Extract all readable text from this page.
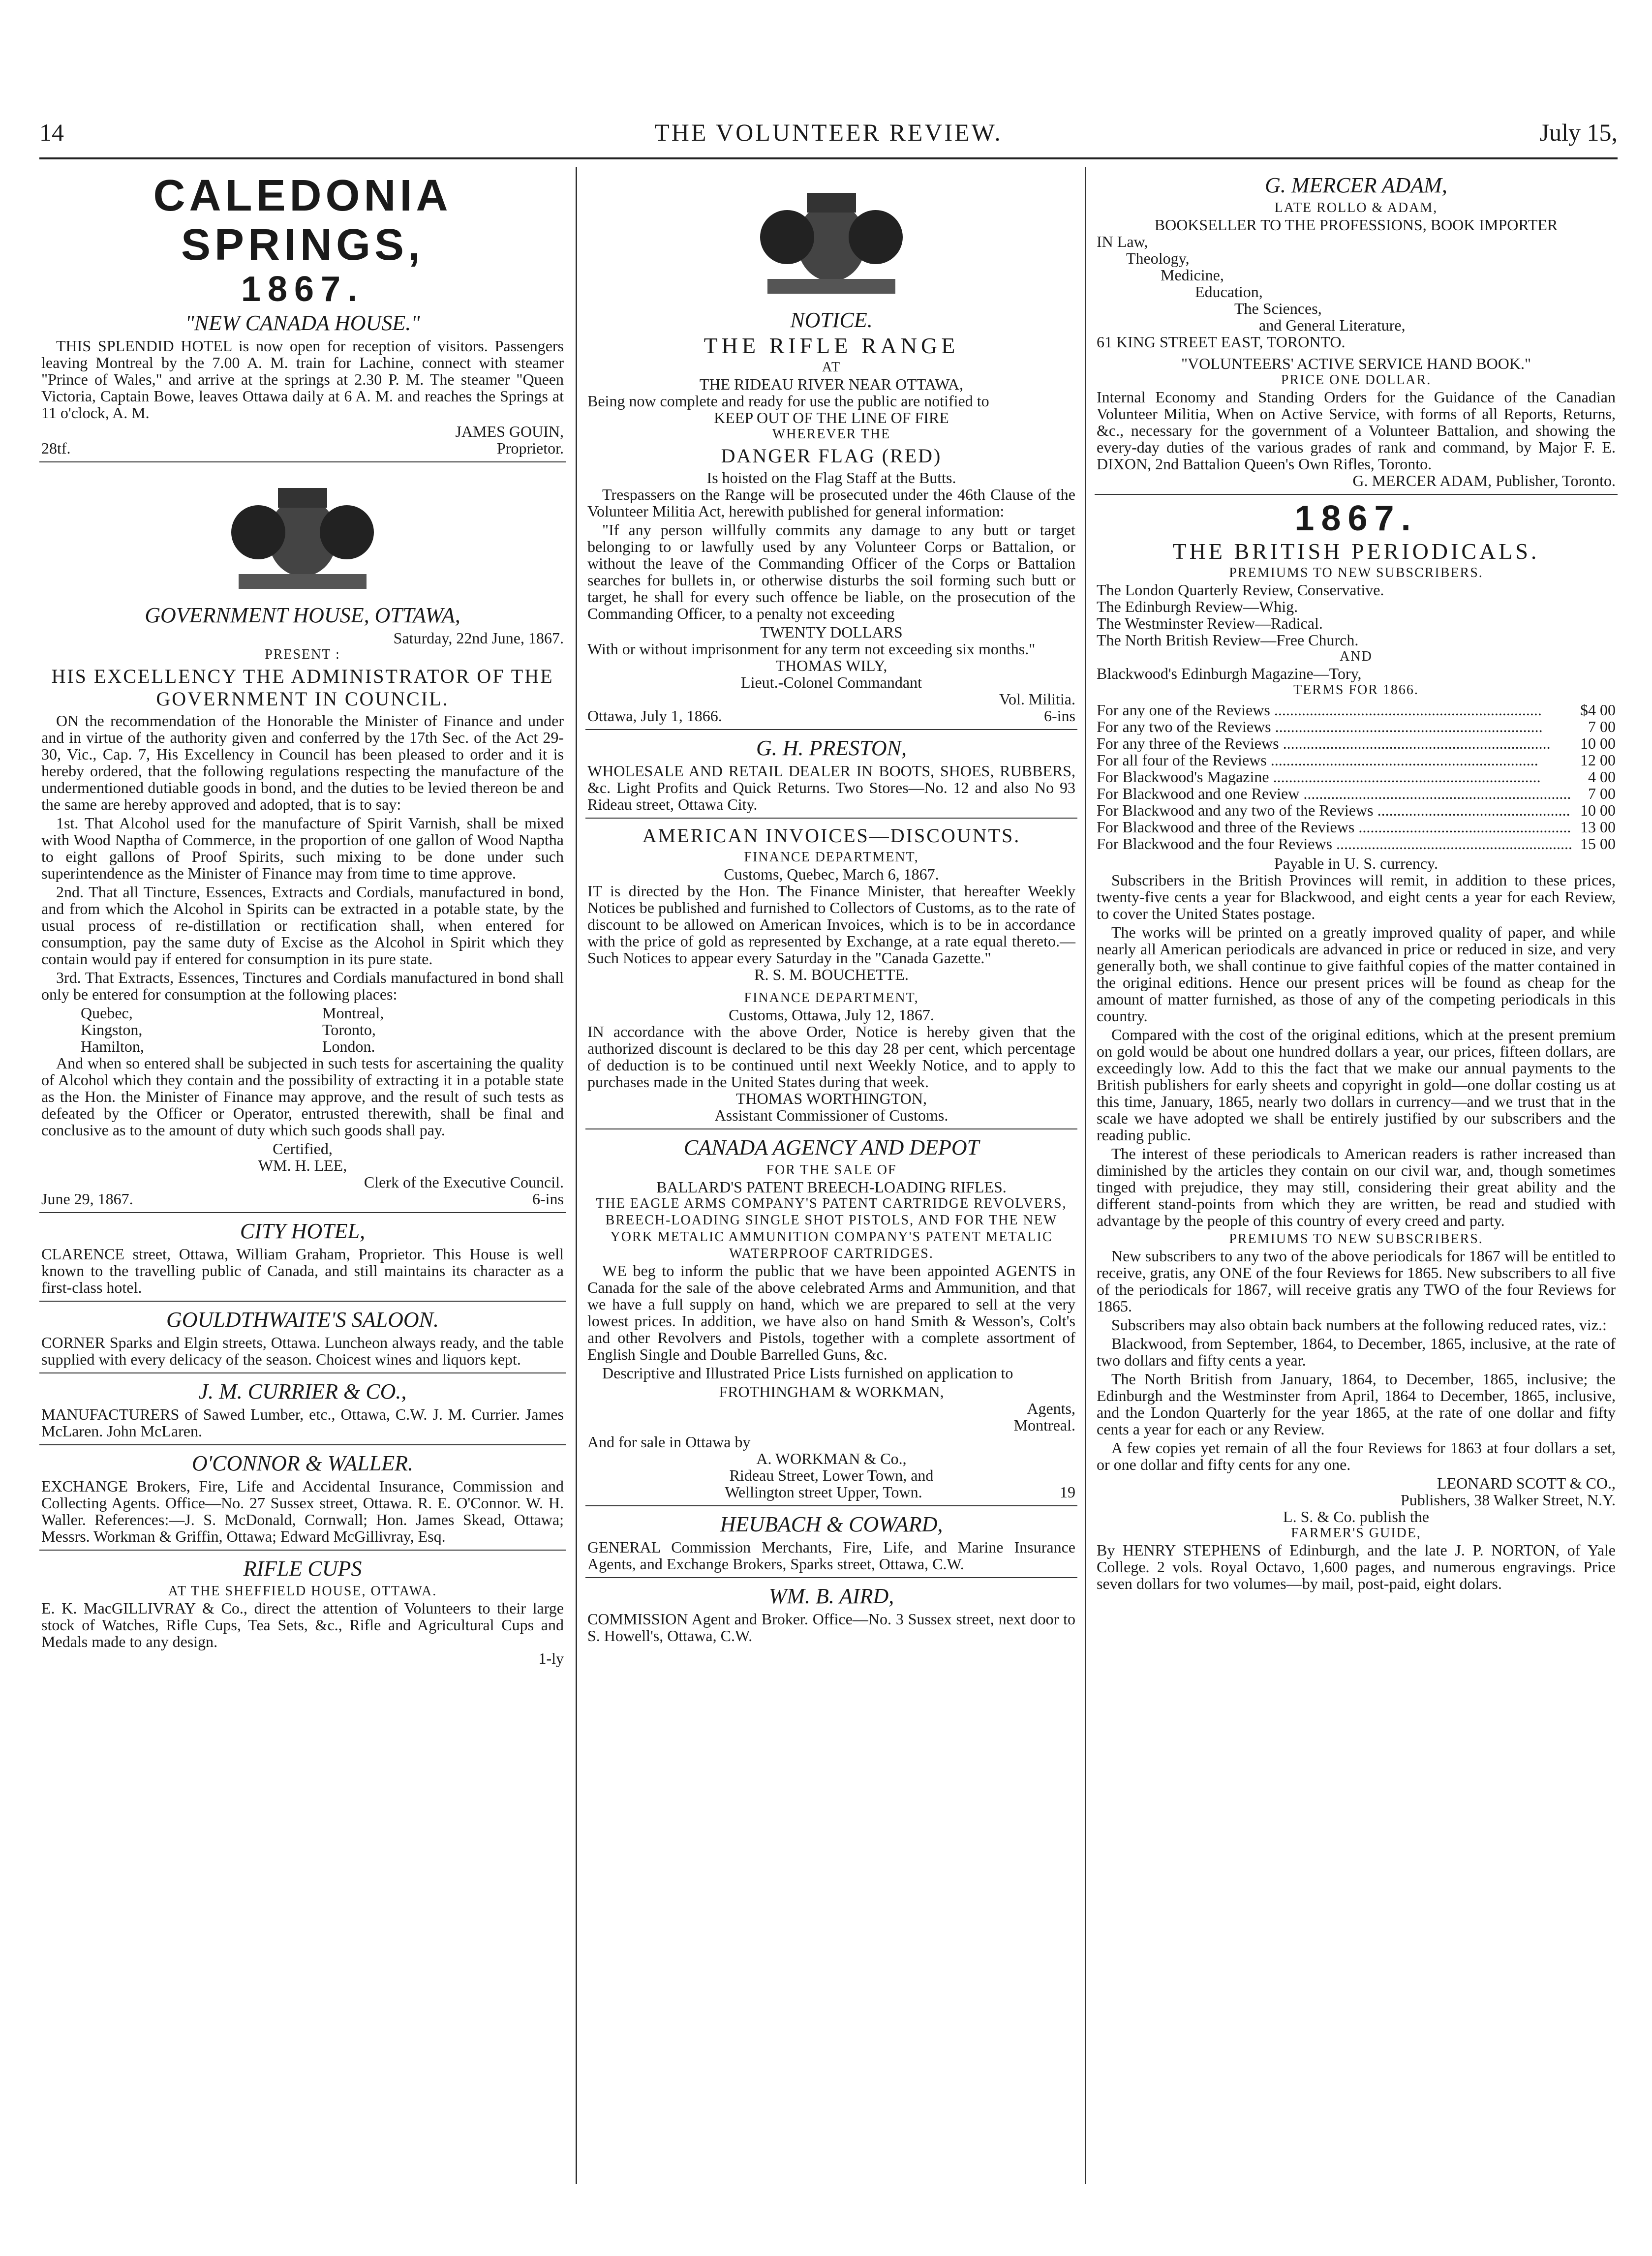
14	THE VOLUNTEER REVIEW.	July 15,
CALEDONIA SPRINGS,
1867.
"NEW CANADA HOUSE."

THIS SPLENDID HOTEL is now open for reception of visitors. Passengers leaving Montreal by the 7.00 A. M. train for Lachine, connect with steamer "Prince of Wales," and arrive at the springs at 2.30 P. M. The steamer "Queen Victoria, Captain Bowe, leaves Ottawa daily at 6 A. M. and reaches the Springs at 11 o'clock, A. M.

JAMES GOUIN,
28tf.	Proprietor.
GOVERNMENT HOUSE, OTTAWA,
Saturday, 22nd June, 1867.
PRESENT :
HIS EXCELLENCY THE ADMINISTRATOR OF THE GOVERNMENT IN COUNCIL.

ON the recommendation of the Honorable the Minister of Finance and under and in virtue of the authority given and conferred by the 17th Sec. of the Act 29-30, Vic., Cap. 7, His Excellency in Council has been pleased to order and it is hereby ordered, that the following regulations respecting the manufacture of the undermentioned dutiable goods in bond, and the duties to be levied thereon be and the same are hereby approved and adopted, that is to say:

1st. That Alcohol used for the manufacture of Spirit Varnish, shall be mixed with Wood Naptha of Commerce, in the proportion of one gallon of Wood Naptha to eight gallons of Proof Spirits, such mixing to be done under such superintendence as the Minister of Finance may from time to time approve.

2nd. That all Tincture, Essences, Extracts and Cordials, manufactured in bond, and from which the Alcohol in Spirits can be extracted in a potable state, by the usual process of re-distillation or rectification shall, when entered for consumption, pay the same duty of Excise as the Alcohol in Spirit which they contain would pay if entered for consumption in its pure state.

3rd. That Extracts, Essences, Tinctures and Cordials manufactured in bond shall only be entered for consumption at the following places:

Quebec,	Montreal,
Kingston,	Toronto,
Hamilton,	London.

And when so entered shall be subjected in such tests for ascertaining the quality of Alcohol which they contain and the possibility of extracting it in a potable state as the Hon. the Minister of Finance may approve, and the result of such tests as defeated by the Officer or Operator, entrusted therewith, shall be final and conclusive as to the amount of duty which such goods shall pay.

Certified,
WM. H. LEE,
Clerk of the Executive Council.
June 29, 1867.	6-ins
CITY HOTEL,
CLARENCE street, Ottawa, William Graham, Proprietor. This House is well known to the travelling public of Canada, and still maintains its character as a first-class hotel.
GOULDTHWAITE'S SALOON.
CORNER Sparks and Elgin streets, Ottawa. Luncheon always ready, and the table supplied with every delicacy of the season. Choicest wines and liquors kept.
J. M. CURRIER & CO.,
MANUFACTURERS of Sawed Lumber, etc., Ottawa, C.W. J. M. Currier. James McLaren. John McLaren.
O'CONNOR & WALLER.
EXCHANGE Brokers, Fire, Life and Accidental Insurance, Commission and Collecting Agents. Office—No. 27 Sussex street, Ottawa. R. E. O'Connor. W. H. Waller. References:—J. S. McDonald, Cornwall; Hon. James Skead, Ottawa; Messrs. Workman & Griffin, Ottawa; Edward McGillivray, Esq.
RIFLE CUPS
AT THE SHEFFIELD HOUSE, OTTAWA.
E. K. MacGILLIVRAY & Co., direct the attention of Volunteers to their large stock of Watches, Rifle Cups, Tea Sets, &c., Rifle and Agricultural Cups and Medals made to any design.
1-ly
NOTICE.
THE RIFLE RANGE
AT
THE RIDEAU RIVER NEAR OTTAWA,
Being now complete and ready for use the public are notified to
KEEP OUT OF THE LINE OF FIRE
WHEREVER THE
DANGER FLAG (RED)
Is hoisted on the Flag Staff at the Butts.

Trespassers on the Range will be prosecuted under the 46th Clause of the Volunteer Militia Act, herewith published for general information:

"If any person willfully commits any damage to any butt or target belonging to or lawfully used by any Volunteer Corps or Battalion, or without the leave of the Commanding Officer of the Corps or Battalion searches for bullets in, or otherwise disturbs the soil forming such butt or target, he shall for every such offence be liable, on the prosecution of the Commanding Officer, to a penalty not exceeding

TWENTY DOLLARS
With or without imprisonment for any term not exceeding six months."
THOMAS WILY,
Lieut.-Colonel Commandant
Vol. Militia.
Ottawa, July 1, 1866.	6-ins
G. H. PRESTON,
WHOLESALE AND RETAIL DEALER IN BOOTS, SHOES, RUBBERS, &c. Light Profits and Quick Returns. Two Stores—No. 12 and also No 93 Rideau street, Ottawa City.
AMERICAN INVOICES—DISCOUNTS.
FINANCE DEPARTMENT,
Customs, Quebec, March 6, 1867.
IT is directed by the Hon. The Finance Minister, that hereafter Weekly Notices be published and furnished to Collectors of Customs, as to the rate of discount to be allowed on American Invoices, which is to be in accordance with the price of gold as represented by Exchange, at a rate equal thereto.—Such Notices to appear every Saturday in the "Canada Gazette."
R. S. M. BOUCHETTE.
FINANCE DEPARTMENT,
Customs, Ottawa, July 12, 1867.
IN accordance with the above Order, Notice is hereby given that the authorized discount is declared to be this day 28 per cent, which percentage of deduction is to be continued until next Weekly Notice, and to apply to purchases made in the United States during that week.
THOMAS WORTHINGTON,
Assistant Commissioner of Customs.
CANADA AGENCY AND DEPOT
FOR THE SALE OF
BALLARD'S PATENT BREECH-LOADING RIFLES.
THE EAGLE ARMS COMPANY'S PATENT CARTRIDGE REVOLVERS, BREECH-LOADING SINGLE SHOT PISTOLS, AND FOR THE NEW YORK METALIC AMMUNITION COMPANY'S PATENT METALIC WATERPROOF CARTRIDGES.

WE beg to inform the public that we have been appointed AGENTS in Canada for the sale of the above celebrated Arms and Ammunition, and that we have a full supply on hand, which we are prepared to sell at the very lowest prices. In addition, we have also on hand Smith & Wesson's, Colt's and other Revolvers and Pistols, together with a complete assortment of English Single and Double Barrelled Guns, &c.

Descriptive and Illustrated Price Lists furnished on application to

FROTHINGHAM & WORKMAN,
Agents,
Montreal.
And for sale in Ottawa by
A. WORKMAN & Co.,
Rideau Street, Lower Town, and
Wellington street Upper, Town.	19
HEUBACH & COWARD,
GENERAL Commission Merchants, Fire, Life, and Marine Insurance Agents, and Exchange Brokers, Sparks street, Ottawa, C.W.
WM. B. AIRD,
COMMISSION Agent and Broker. Office—No. 3 Sussex street, next door to S. Howell's, Ottawa, C.W.
G. MERCER ADAM,
LATE ROLLO & ADAM,
BOOKSELLER TO THE PROFESSIONS, BOOK IMPORTER
IN Law,
Theology,
Medicine,
Education,
The Sciences,
and General Literature,
61 KING STREET EAST, TORONTO.
"VOLUNTEERS' ACTIVE SERVICE HAND BOOK."
PRICE ONE DOLLAR.
Internal Economy and Standing Orders for the Guidance of the Canadian Volunteer Militia, When on Active Service, with forms of all Reports, Returns, &c., necessary for the government of a Volunteer Battalion, and showing the every-day duties of the various grades of rank and command, by Major F. E. DIXON, 2nd Battalion Queen's Own Rifles, Toronto.
G. MERCER ADAM, Publisher, Toronto.
1867.
THE BRITISH PERIODICALS.
PREMIUMS TO NEW SUBSCRIBERS.
The London Quarterly Review, Conservative.
The Edinburgh Review—Whig.
The Westminster Review—Radical.
The North British Review—Free Church.
AND
Blackwood's Edinburgh Magazine—Tory,
TERMS FOR 1866.
For any one of the Reviews .....	$4 00
For any two of the Reviews .....	7 00
For any three of the Reviews .....	10 00
For all four of the Reviews .....	12 00
For Blackwood's Magazine .....	4 00
For Blackwood and one Review .....	7 00
For Blackwood and any two of the Reviews .....	10 00
For Blackwood and three of the Reviews .....	13 00
For Blackwood and the four Reviews .....	15 00
Payable in U. S. currency.

Subscribers in the British Provinces will remit, in addition to these prices, twenty-five cents a year for Blackwood, and eight cents a year for each Review, to cover the United States postage.

The works will be printed on a greatly improved quality of paper, and while nearly all American periodicals are advanced in price or reduced in size, and very generally both, we shall continue to give faithful copies of the matter contained in the original editions. Hence our present prices will be found as cheap for the amount of matter furnished, as those of any of the competing periodicals in this country.

Compared with the cost of the original editions, which at the present premium on gold would be about one hundred dollars a year, our prices, fifteen dollars, are exceedingly low. Add to this the fact that we make our annual payments to the British publishers for early sheets and copyright in gold—one dollar costing us at this time, January, 1865, nearly two dollars in currency—and we trust that in the scale we have adopted we shall be entirely justified by our subscribers and the reading public.

The interest of these periodicals to American readers is rather increased than diminished by the articles they contain on our civil war, and, though sometimes tinged with prejudice, they may still, considering their great ability and the different stand-points from which they are written, be read and studied with advantage by the people of this country of every creed and party.

PREMIUMS TO NEW SUBSCRIBERS.

New subscribers to any two of the above periodicals for 1867 will be entitled to receive, gratis, any ONE of the four Reviews for 1865. New subscribers to all five of the periodicals for 1867, will receive gratis any TWO of the four Reviews for 1865.

Subscribers may also obtain back numbers at the following reduced rates, viz.:

Blackwood, from September, 1864, to December, 1865, inclusive, at the rate of two dollars and fifty cents a year.

The North British from January, 1864, to December, 1865, inclusive; the Edinburgh and the Westminster from April, 1864 to December, 1865, inclusive, and the London Quarterly for the year 1865, at the rate of one dollar and fifty cents a year for each or any Review.

A few copies yet remain of all the four Reviews for 1863 at four dollars a set, or one dollar and fifty cents for any one.

LEONARD SCOTT & CO.,
Publishers, 38 Walker Street, N.Y.
L. S. & Co. publish the
FARMER'S GUIDE,
By HENRY STEPHENS of Edinburgh, and the late J. P. NORTON, of Yale College. 2 vols. Royal Octavo, 1,600 pages, and numerous engravings. Price seven dollars for two volumes—by mail, post-paid, eight dolars.
